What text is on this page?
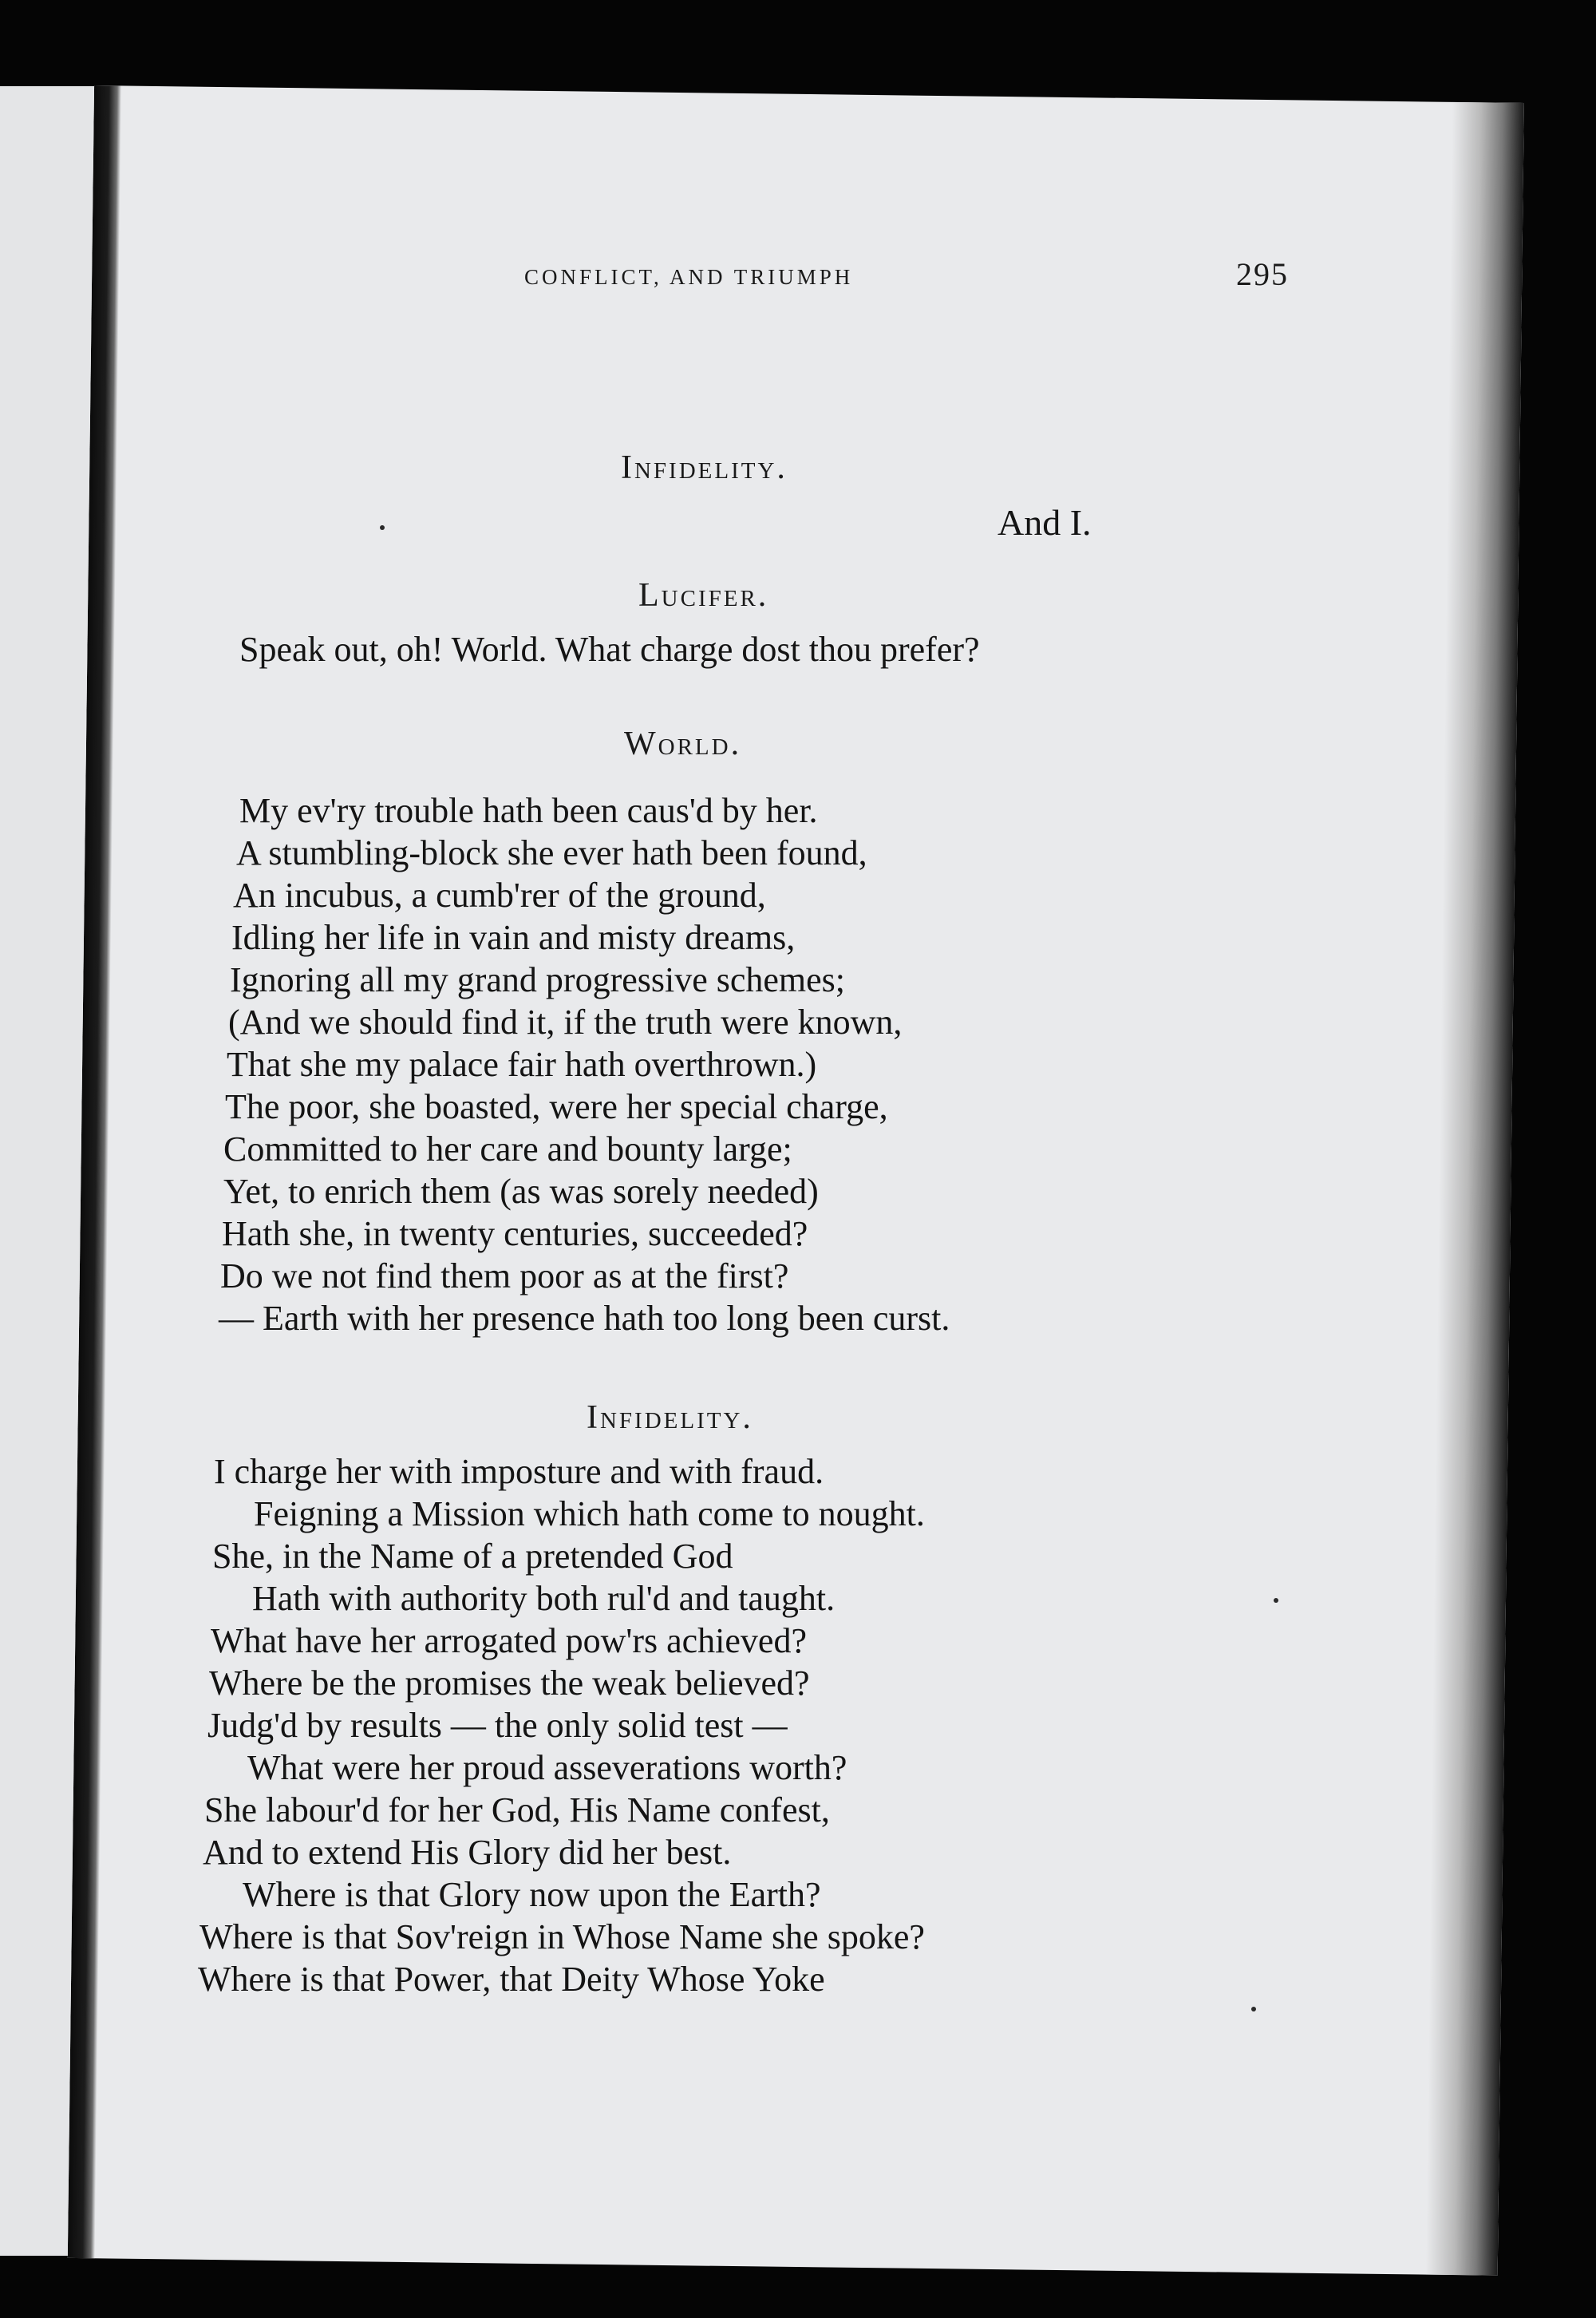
CONFLICT, AND TRIUMPH	295
Infidelity.
And I.
Lucifer.
Speak out, oh! World. What charge dost thou prefer?
World.
My ev'ry trouble hath been caus'd by her.
A stumbling-block she ever hath been found,
An incubus, a cumb'rer of the ground,
Idling her life in vain and misty dreams,
Ignoring all my grand progressive schemes;
(And we should find it, if the truth were known,
That she my palace fair hath overthrown.)
The poor, she boasted, were her special charge,
Committed to her care and bounty large;
Yet, to enrich them (as was sorely needed)
Hath she, in twenty centuries, succeeded?
Do we not find them poor as at the first?
— Earth with her presence hath too long been curst.
Infidelity.
I charge her with imposture and with fraud.
Feigning a Mission which hath come to nought.
She, in the Name of a pretended God
Hath with authority both rul'd and taught.
What have her arrogated pow'rs achieved?
Where be the promises the weak believed?
Judg'd by results — the only solid test —
What were her proud asseverations worth?
She labour'd for her God, His Name confest,
And to extend His Glory did her best.
Where is that Glory now upon the Earth?
Where is that Sov'reign in Whose Name she spoke?
Where is that Power, that Deity Whose Yoke
